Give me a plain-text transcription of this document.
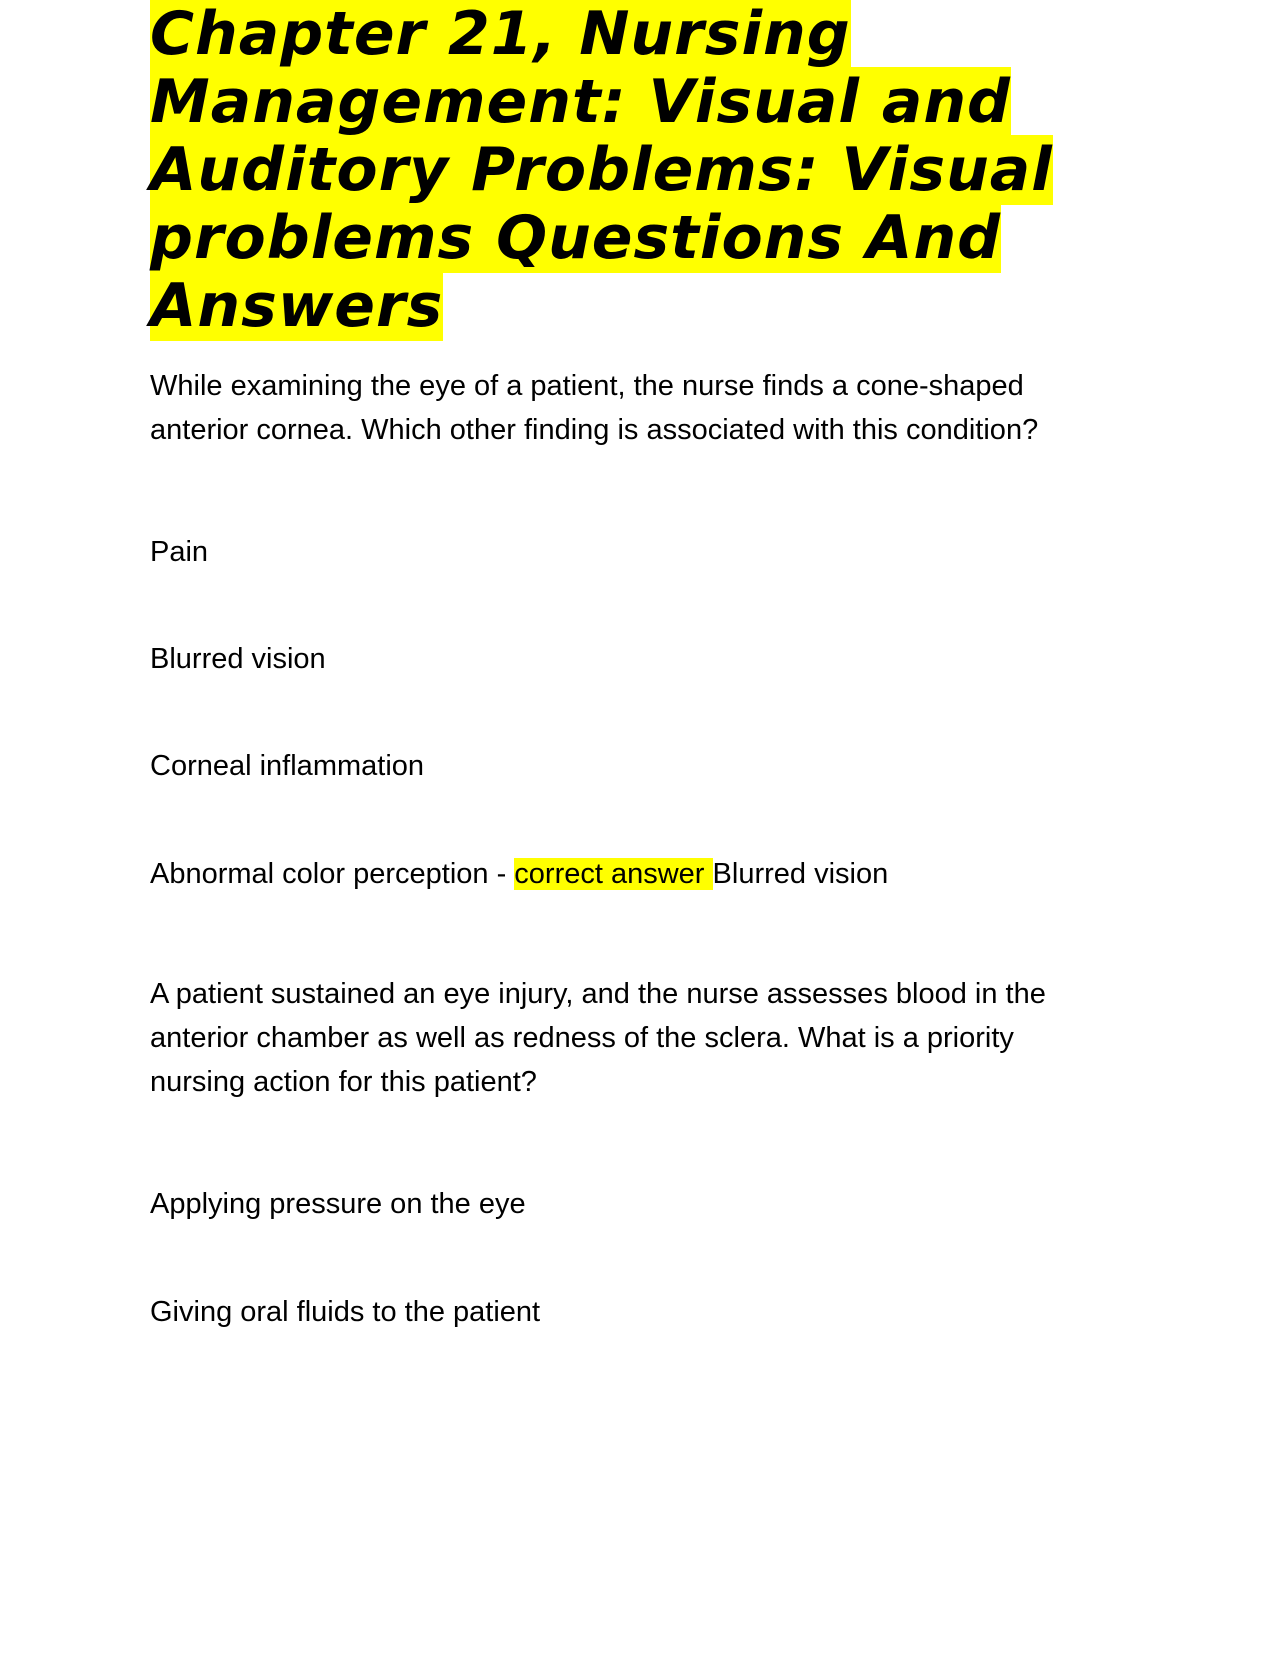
Chapter 21, Nursing Management: Visual and Auditory Problems: Visual problems Questions And Answers

While examining the eye of a patient, the nurse finds a cone-shaped anterior cornea. Which other finding is associated with this condition?

Pain

Blurred vision

Corneal inflammation

Abnormal color perception - correct answer Blurred vision

A patient sustained an eye injury, and the nurse assesses blood in the anterior chamber as well as redness of the sclera. What is a priority nursing action for this patient?

Applying pressure on the eye

Giving oral fluids to the patient
